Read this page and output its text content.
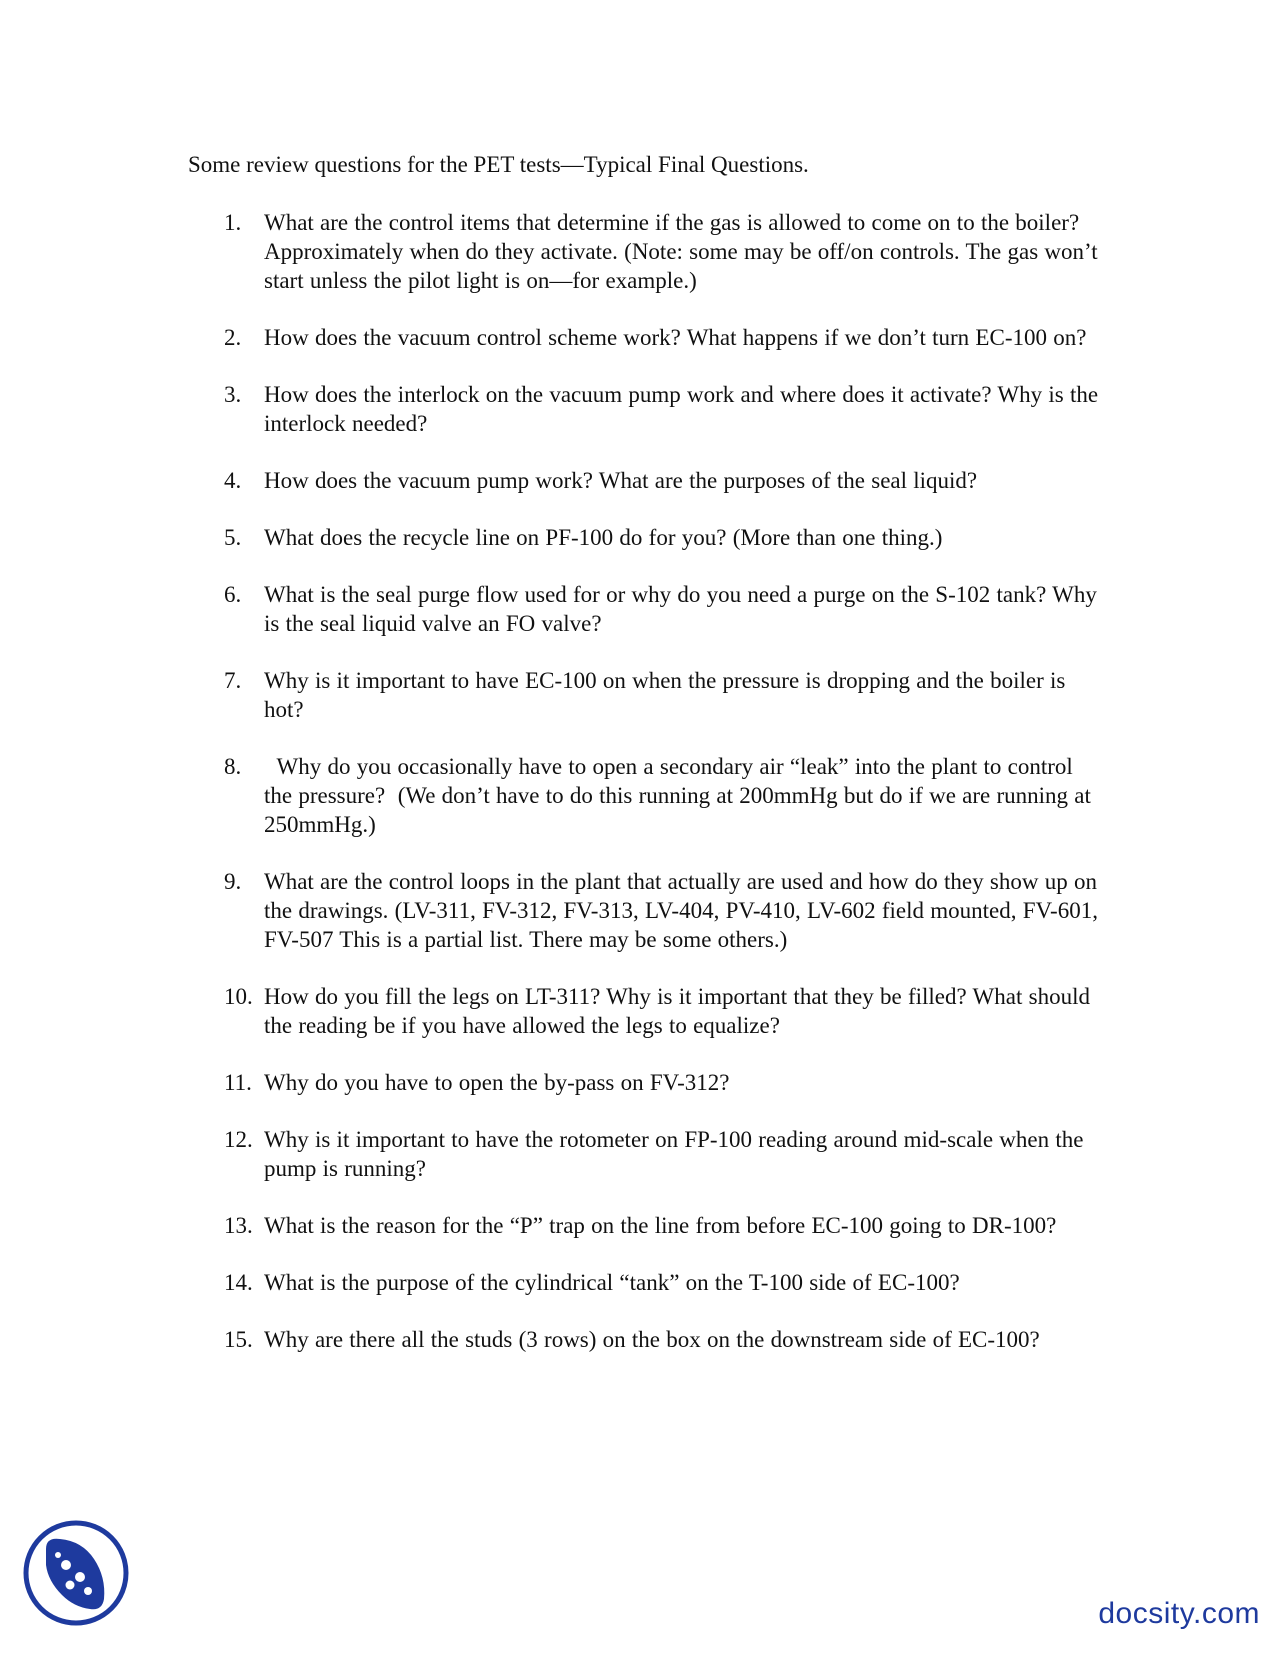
Some review questions for the PET tests—Typical Final Questions.
1. What are the control items that determine if the gas is allowed to come on to the boiler? Approximately when do they activate. (Note: some may be off/on controls. The gas won’t start unless the pilot light is on—for example.)
2. How does the vacuum control scheme work? What happens if we don’t turn EC-100 on?
3. How does the interlock on the vacuum pump work and where does it activate? Why is the interlock needed?
4. How does the vacuum pump work? What are the purposes of the seal liquid?
5. What does the recycle line on PF-100 do for you? (More than one thing.)
6. What is the seal purge flow used for or why do you need a purge on the S-102 tank? Why is the seal liquid valve an FO valve?
7. Why is it important to have EC-100 on when the pressure is dropping and the boiler is hot?
8. Why do you occasionally have to open a secondary air “leak” into the plant to control the pressure?  (We don’t have to do this running at 200mmHg but do if we are running at 250mmHg.)
9. What are the control loops in the plant that actually are used and how do they show up on the drawings. (LV-311, FV-312, FV-313, LV-404, PV-410, LV-602 field mounted, FV-601, FV-507 This is a partial list. There may be some others.)
10. How do you fill the legs on LT-311? Why is it important that they be filled? What should the reading be if you have allowed the legs to equalize?
11. Why do you have to open the by-pass on FV-312?
12. Why is it important to have the rotometer on FP-100 reading around mid-scale when the pump is running?
13. What is the reason for the “P” trap on the line from before EC-100 going to DR-100?
14. What is the purpose of the cylindrical “tank” on the T-100 side of EC-100?
15. Why are there all the studs (3 rows) on the box on the downstream side of EC-100?
docsity.com
